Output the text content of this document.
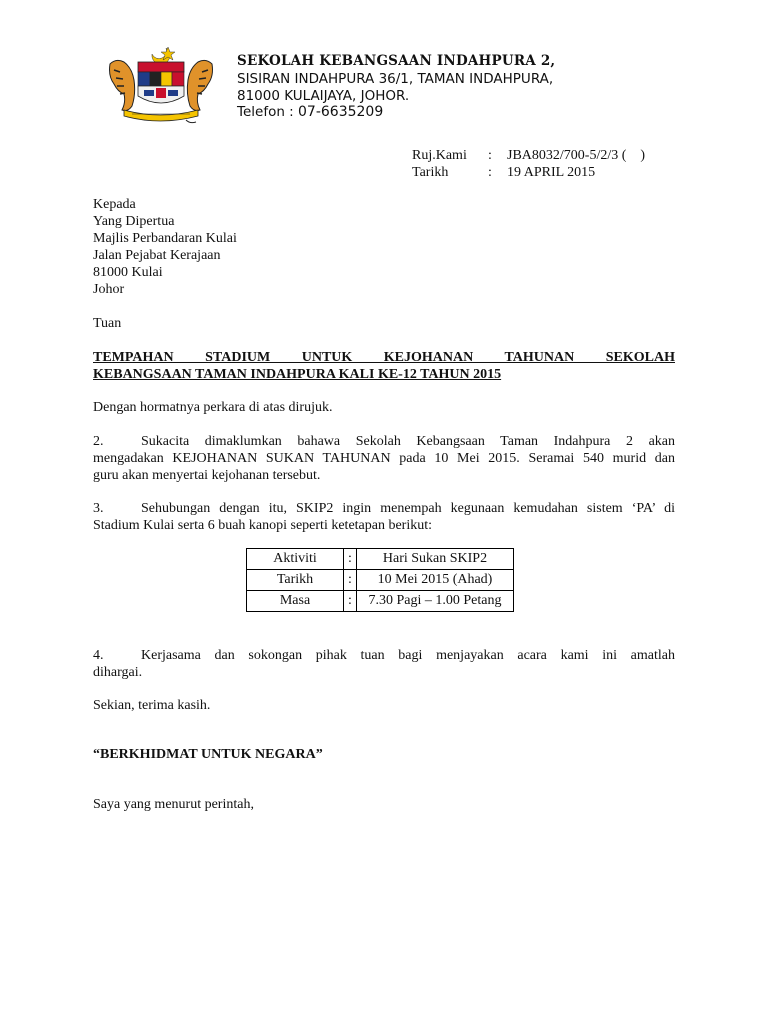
SEKOLAH KEBANGSAAN INDAHPURA 2,
SISIRAN INDAHPURA 36/1, TAMAN INDAHPURA,
81000 KULAIJAYA, JOHOR.
Telefon : 07-6635209
Ruj.Kami : JBA8032/700-5/2/3 (    )
Tarikh	: 19 APRIL 2015
Kepada
Yang Dipertua
Majlis Perbandaran Kulai
Jalan Pejabat Kerajaan
81000 Kulai
Johor
Tuan
TEMPAHAN STADIUM UNTUK KEJOHANAN TAHUNAN SEKOLAH
KEBANGSAAN TAMAN INDAHPURA KALI KE-12 TAHUN 2015
Dengan hormatnya perkara di atas dirujuk.
2.	Sukacita dimaklumkan bahawa Sekolah Kebangsaan Taman Indahpura 2 akan
mengadakan KEJOHANAN SUKAN TAHUNAN pada 10 Mei 2015. Seramai 540 murid dan
guru akan menyertai kejohanan tersebut.
3.	Sehubungan dengan itu, SKIP2 ingin menempah kegunaan kemudahan sistem ‘PA’ di
Stadium Kulai serta 6 buah kanopi seperti ketetapan berikut:
Aktiviti	:	Hari Sukan SKIP2
Tarikh	:	10 Mei 2015 (Ahad)
Masa	:	7.30 Pagi – 1.00 Petang
4.	Kerjasama dan sokongan pihak tuan bagi menjayakan acara kami ini amatlah
dihargai.
Sekian, terima kasih.
“BERKHIDMAT UNTUK NEGARA”
Saya yang menurut perintah,
